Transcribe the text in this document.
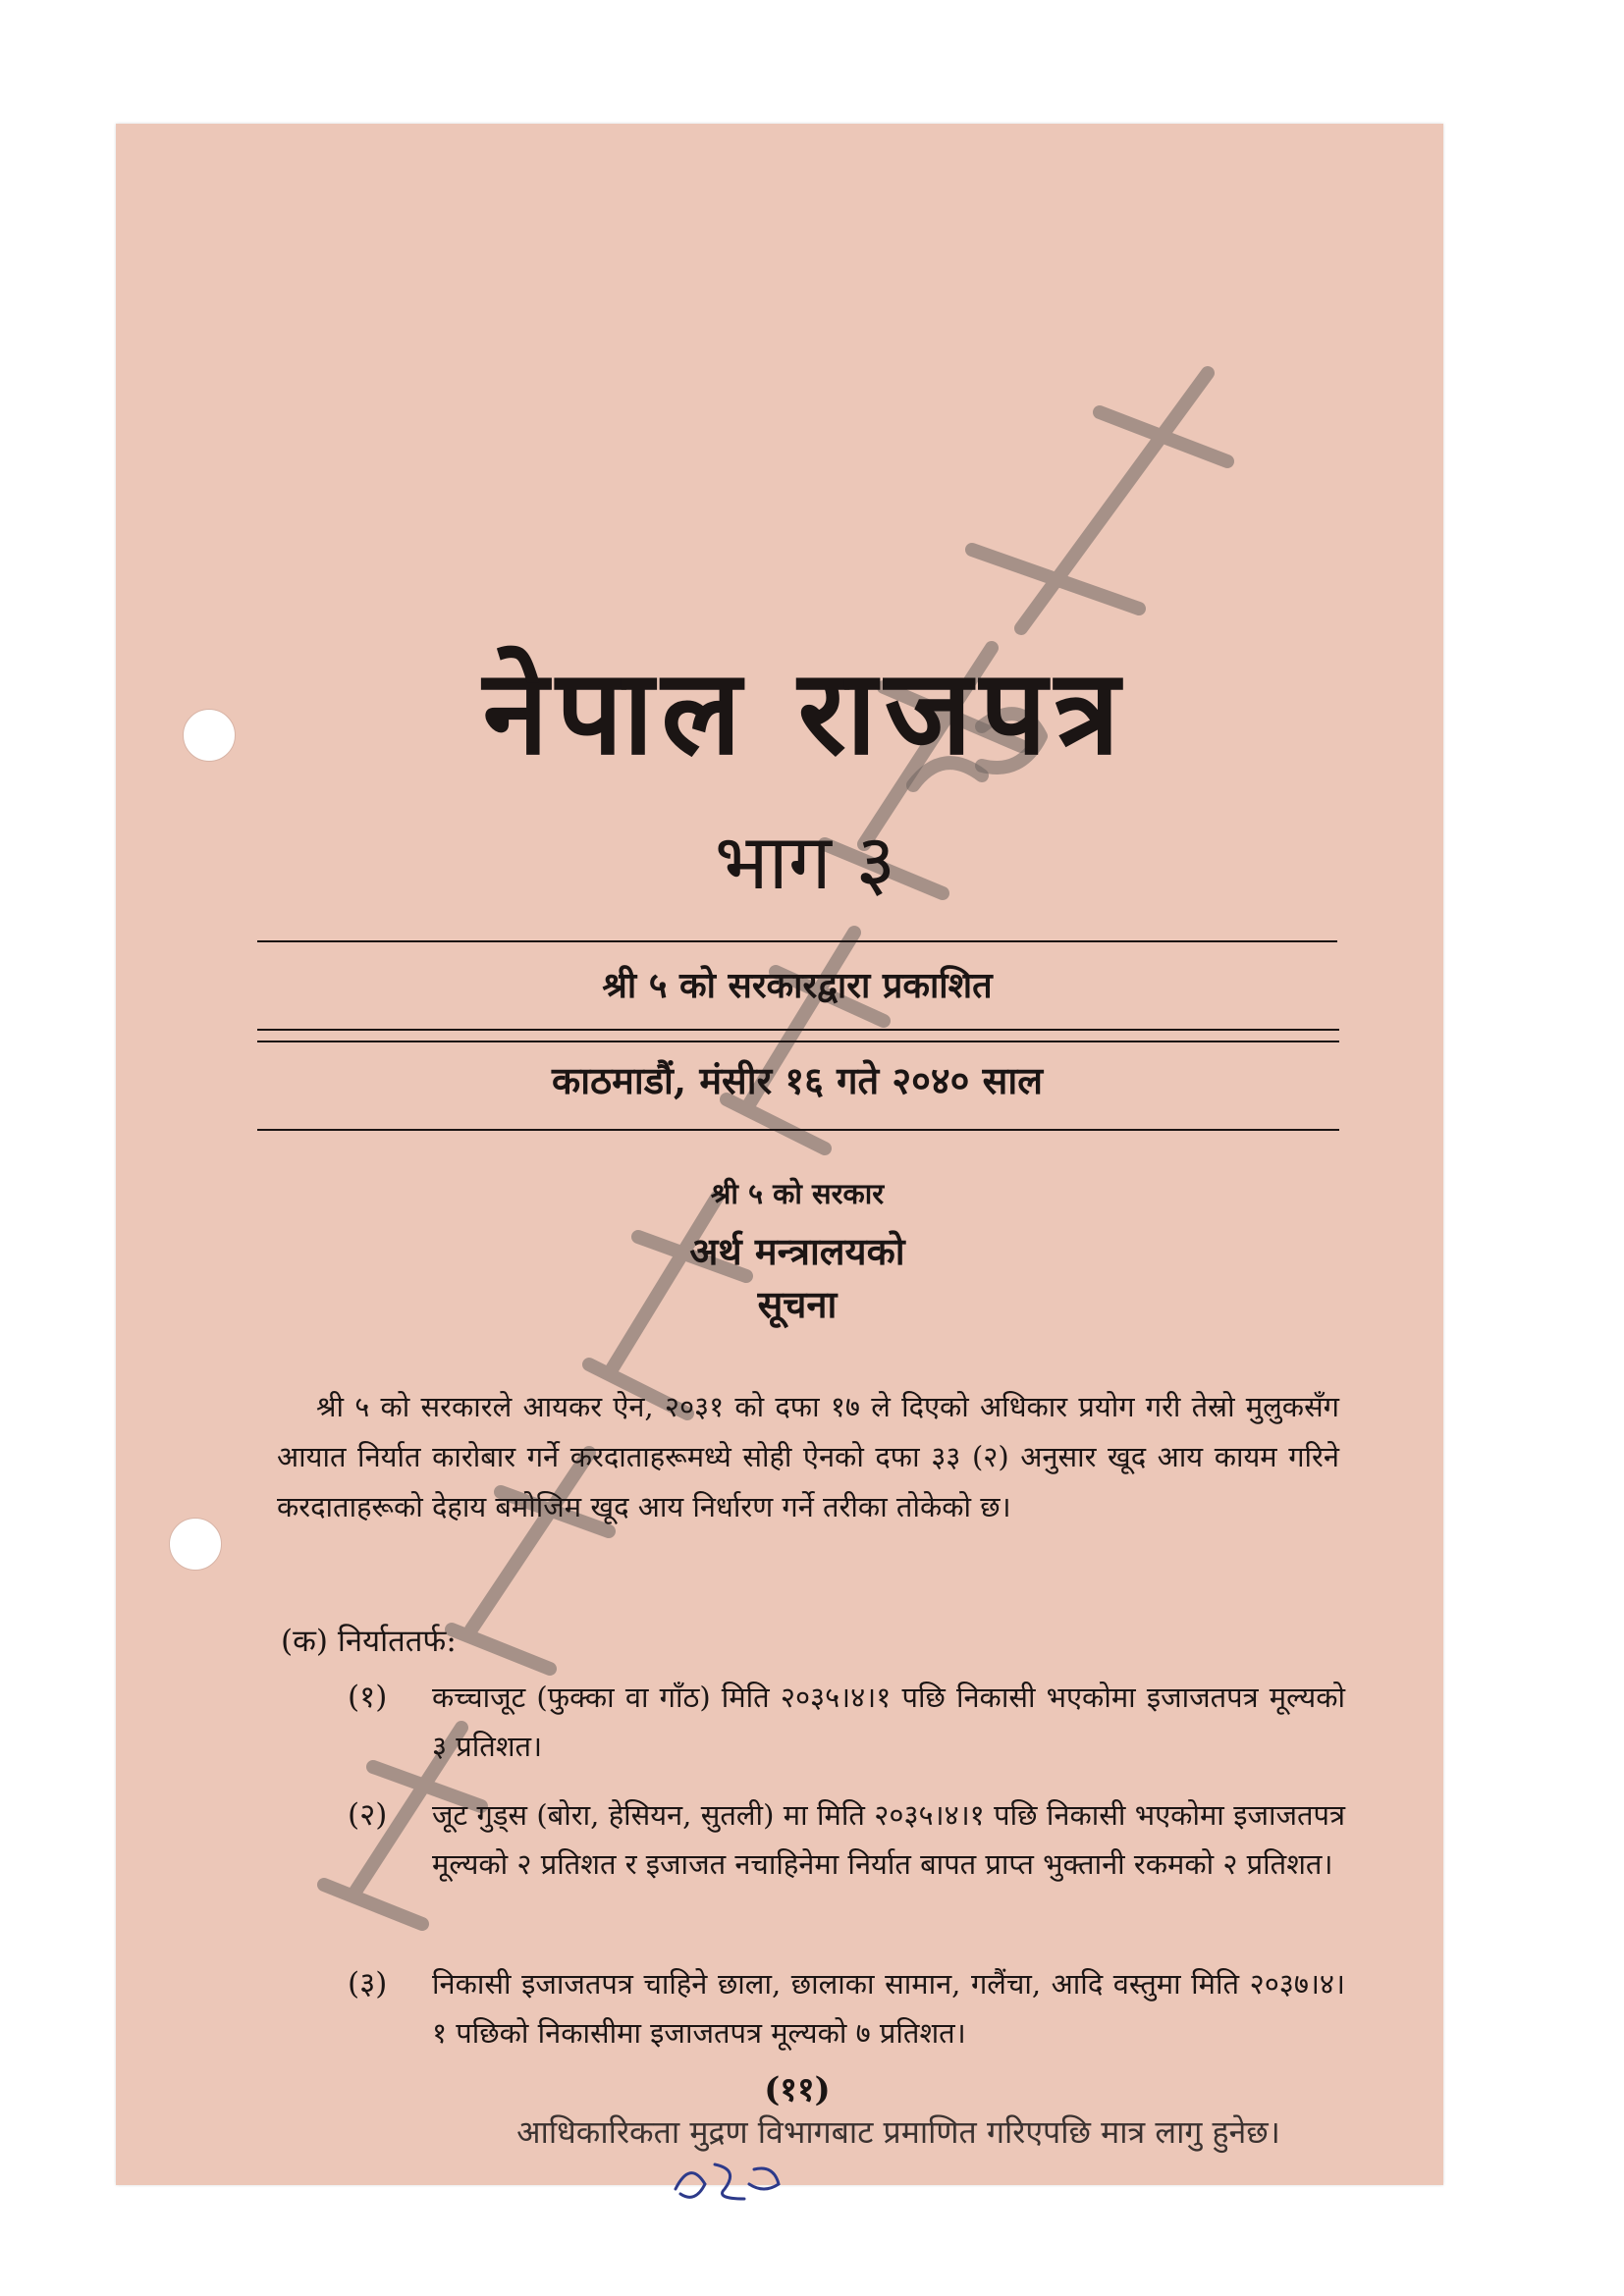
नेपाल राजपत्र
भाग ३
श्री ५ को सरकारद्वारा प्रकाशित
काठमाडौं, मंसीर १६ गते २०४० साल
श्री ५ को सरकार
अर्थ मन्त्रालयको
सूचना
श्री ५ को सरकारले आयकर ऐन, २०३१ को दफा १७ ले दिएको अधिकार प्रयोग गरी तेस्रो मुलुकसँग आयात निर्यात कारोबार गर्ने करदाताहरूमध्ये सोही ऐनको दफा ३३ (२) अनुसार खूद आय कायम गरिने करदाताहरूको देहाय बमोजिम खूद आय निर्धारण गर्ने तरीका तोकेको छ।
(क) निर्याततर्फ:
(१)	कच्चाजूट (फुक्का वा गाँठ) मिति २०३५।४।१ पछि निकासी भएकोमा इजाजतपत्र मूल्यको ३ प्रतिशत।
(२)	जूट गुड्स (बोरा, हेसियन, सुतली) मा मिति २०३५।४।१ पछि निकासी भएकोमा इजाजतपत्र मूल्यको २ प्रतिशत र इजाजत नचाहिनेमा निर्यात बापत प्राप्त भुक्तानी रकमको २ प्रतिशत।
(३)	निकासी इजाजतपत्र चाहिने छाला, छालाका सामान, गलैंचा, आदि वस्तुमा मिति २०३७।४।१ पछिको निकासीमा इजाजतपत्र मूल्यको ७ प्रतिशत।
(११)
आधिकारिकता मुद्रण विभागबाट प्रमाणित गरिएपछि मात्र लागु हुनेछ।
